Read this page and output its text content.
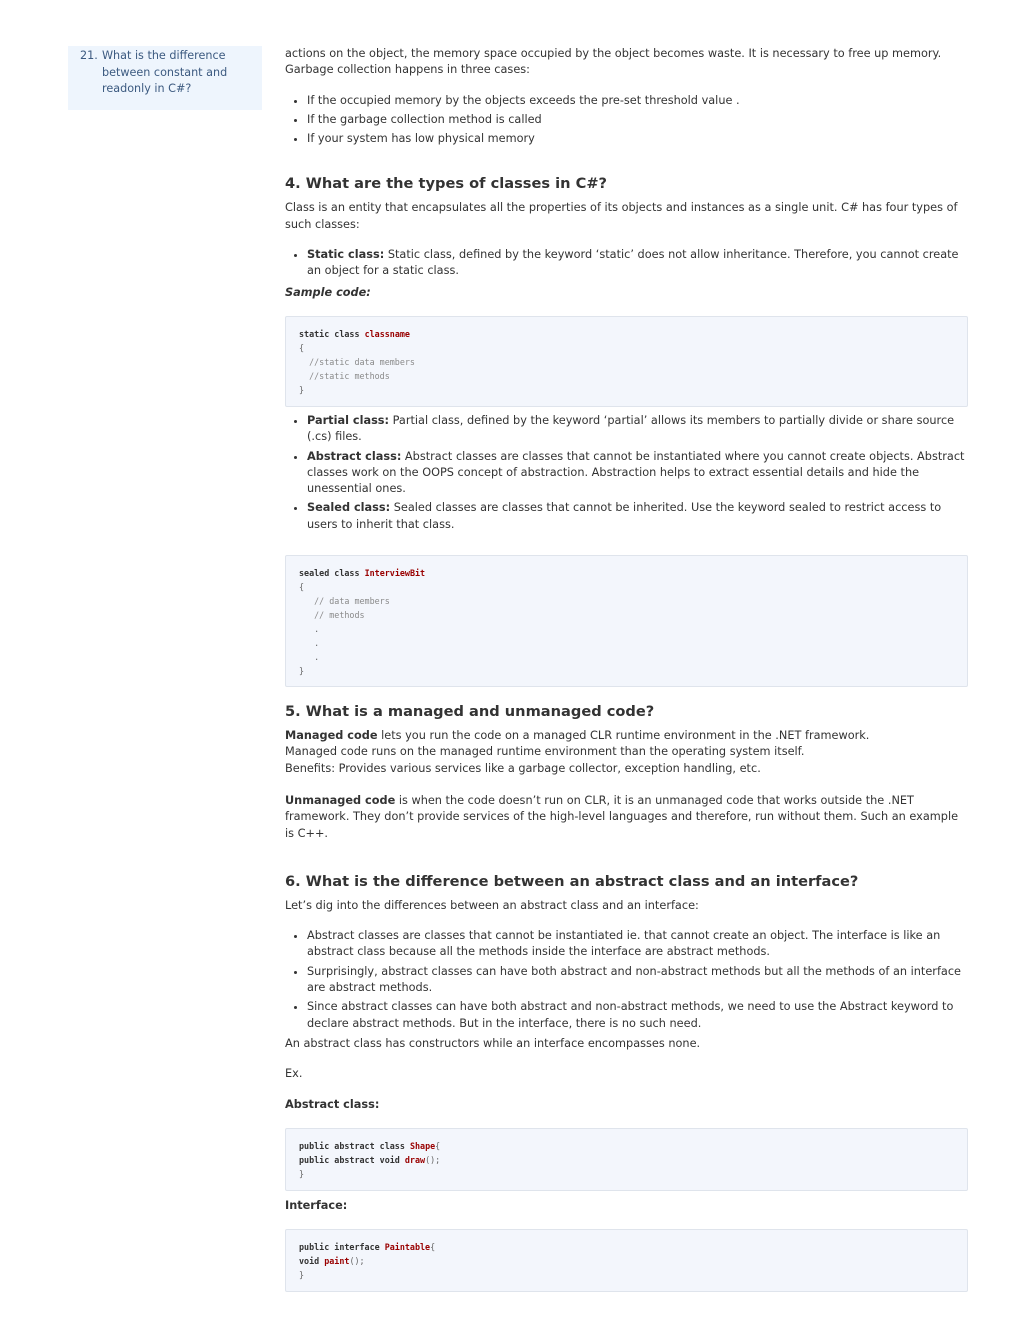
21. What is the difference between constant and readonly in C#?

actions on the object, the memory space occupied by the object becomes waste. It is necessary to free up memory. Garbage collection happens in three cases:

• If the occupied memory by the objects exceeds the pre-set threshold value .
• If the garbage collection method is called
• If your system has low physical memory
4. What are the types of classes in C#?

Class is an entity that encapsulates all the properties of its objects and instances as a single unit. C# has four types of such classes:

• Static class: Static class, defined by the keyword ‘static’ does not allow inheritance. Therefore, you cannot create an object for a static class.

Sample code:

static class classname
{
//static data members
//static methods
}
• Partial class: Partial class, defined by the keyword ‘partial’ allows its members to partially divide or share source (.cs) files.
• Abstract class: Abstract classes are classes that cannot be instantiated where you cannot create objects. Abstract classes work on the OOPS concept of abstraction. Abstraction helps to extract essential details and hide the unessential ones.
• Sealed class: Sealed classes are classes that cannot be inherited. Use the keyword sealed to restrict access to users to inherit that class.
sealed class InterviewBit
{
// data members
// methods
.
.
.
}
5. What is a managed and unmanaged code?

Managed code lets you run the code on a managed CLR runtime environment in the .NET framework.
Managed code runs on the managed runtime environment than the operating system itself.
Benefits: Provides various services like a garbage collector, exception handling, etc.

Unmanaged code is when the code doesn’t run on CLR, it is an unmanaged code that works outside the .NET framework. They don’t provide services of the high-level languages and therefore, run without them. Such an example is C++.

6. What is the difference between an abstract class and an interface?

Let’s dig into the differences between an abstract class and an interface:

• Abstract classes are classes that cannot be instantiated ie. that cannot create an object. The interface is like an abstract class because all the methods inside the interface are abstract methods.
• Surprisingly, abstract classes can have both abstract and non-abstract methods but all the methods of an interface are abstract methods.
• Since abstract classes can have both abstract and non-abstract methods, we need to use the Abstract keyword to declare abstract methods. But in the interface, there is no such need.

An abstract class has constructors while an interface encompasses none.

Ex.

Abstract class:

public abstract class Shape{
public abstract void draw();
}

Interface:

public interface Paintable{
void paint();
}
